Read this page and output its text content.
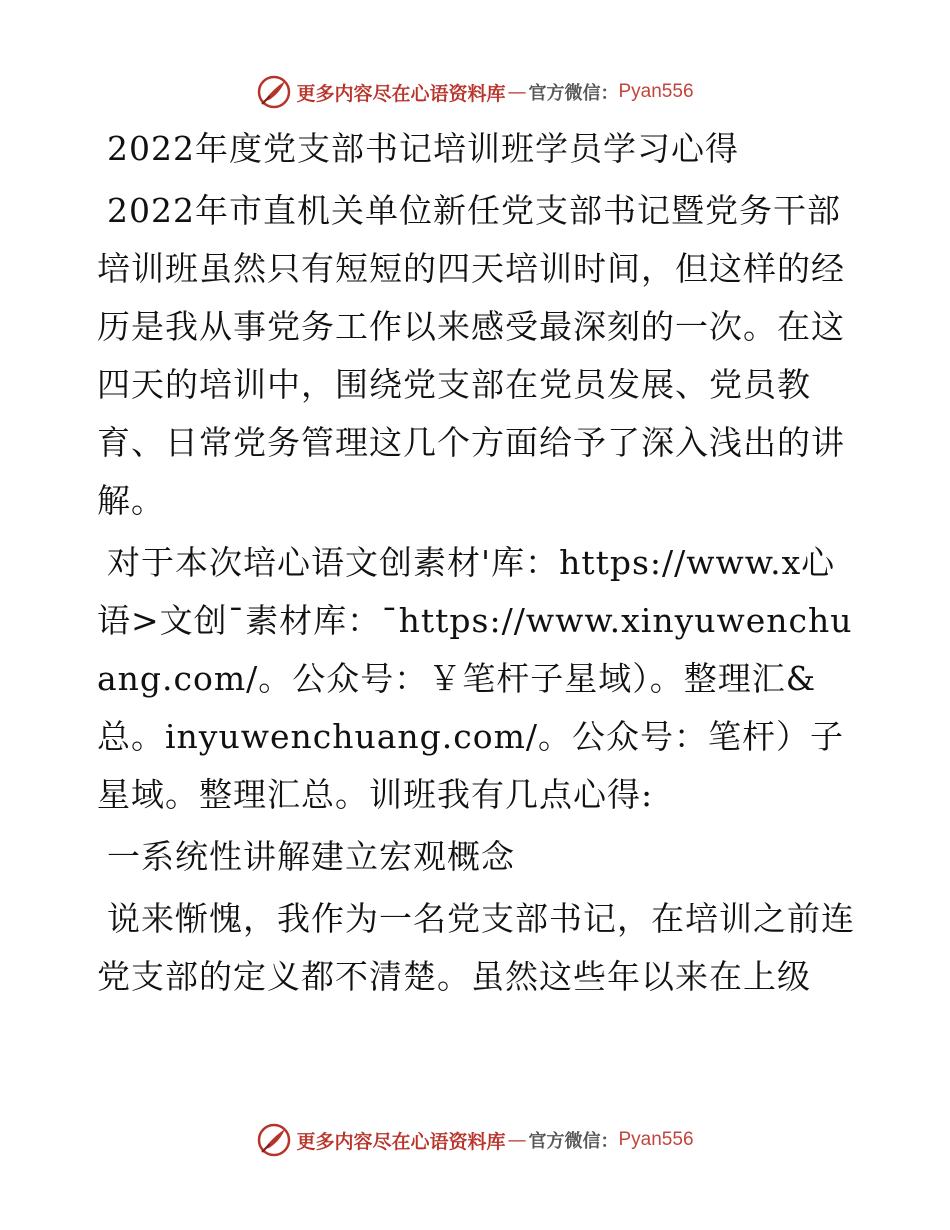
更多内容尽在心语资料库 — 官方微信： Pyan556

2022年度党支部书记培训班学员学习心得

2022年市直机关单位新任党支部书记暨党务干部培训班虽然只有短短的四天培训时间，但这样的经历是我从事党务工作以来感受最深刻的一次。在这四天的培训中，围绕党支部在党员发展、党员教育、日常党务管理这几个方面给予了深入浅出的讲解。

对于本次培心语文创素材'库：https://www.x心语>文创¯素材库：¯https://www.xinyuwenchuang.com/。公众号：￥笔杆子星域）。整理汇&总。inyuwenchuang.com/。公众号：笔杆）子星域。整理汇总。训班我有几点心得:

一系统性讲解建立宏观概念

说来惭愧，我作为一名党支部书记，在培训之前连党支部的定义都不清楚。虽然这些年以来在上级

更多内容尽在心语资料库 — 官方微信： Pyan556
